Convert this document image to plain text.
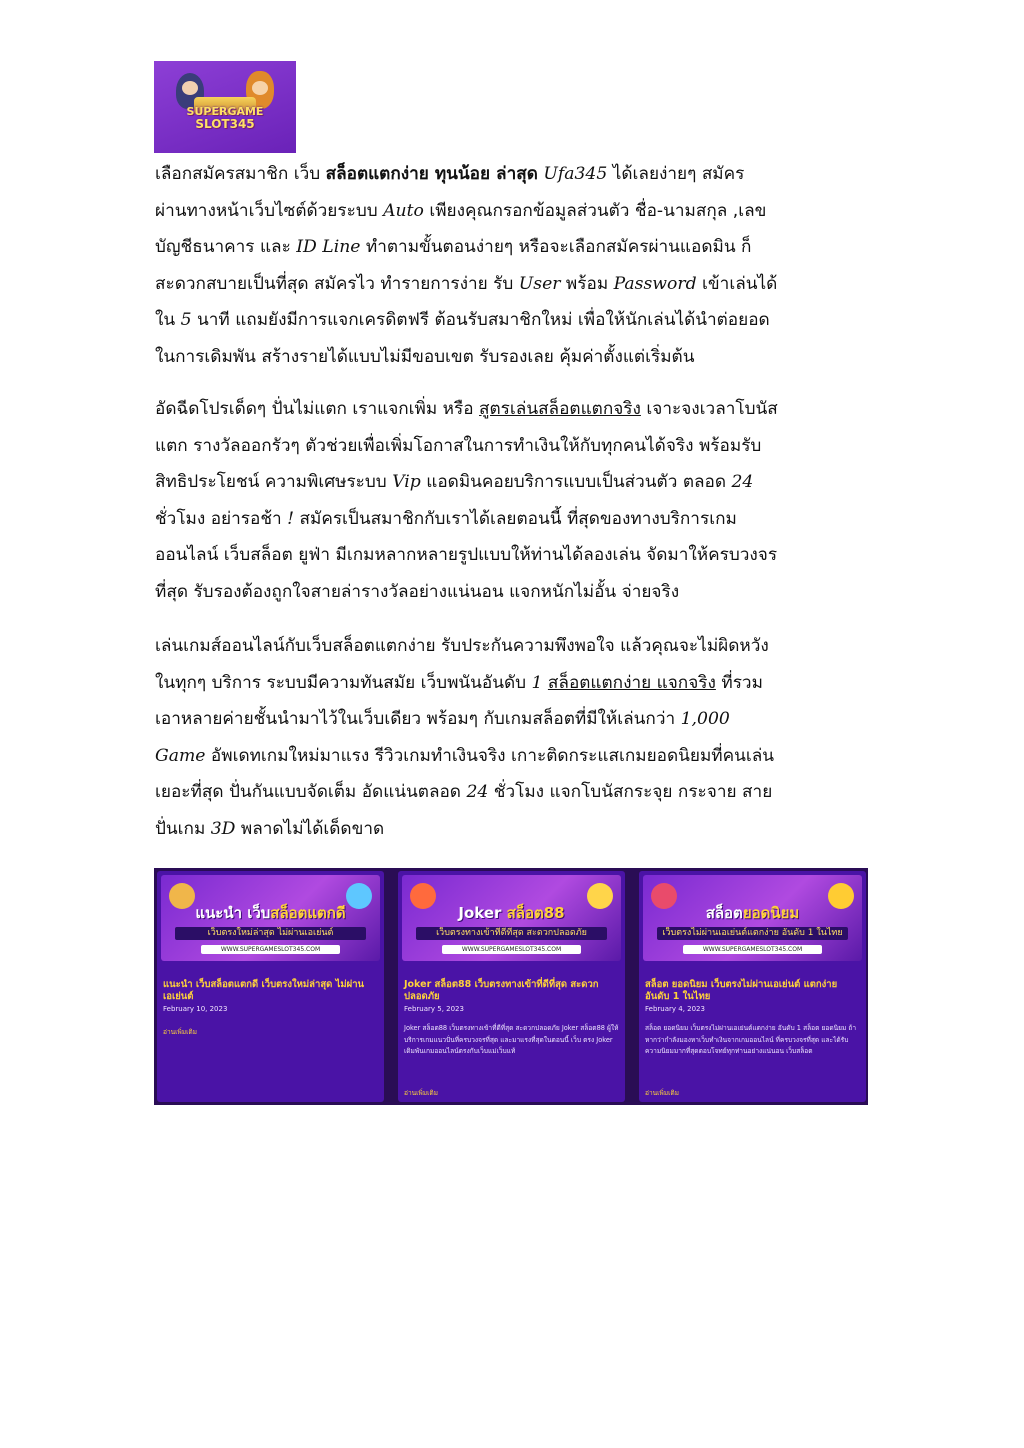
SUPERGAME
SLOT345
เลือกสมัครสมาชิก เว็บ สล็อตแตกง่าย ทุนน้อย ล่าสุด Ufa345 ได้เลยง่ายๆ สมัคร
ผ่านทางหน้าเว็บไซต์ด้วยระบบ Auto เพียงคุณกรอกข้อมูลส่วนตัว ชื่อ-นามสกุล ,เลข
บัญชีธนาคาร และ ID Line ทำตามขั้นตอนง่ายๆ หรือจะเลือกสมัครผ่านแอดมิน ก็
สะดวกสบายเป็นที่สุด สมัครไว ทำรายการง่าย รับ User พร้อม Password เข้าเล่นได้
ใน 5 นาที แถมยังมีการแจกเครดิตฟรี ต้อนรับสมาชิกใหม่ เพื่อให้นักเล่นได้นำต่อยอด
ในการเดิมพัน สร้างรายได้แบบไม่มีขอบเขต รับรองเลย คุ้มค่าตั้งแต่เริ่มต้น
อัดฉีดโปรเด็ดๆ ปั่นไม่แตก เราแจกเพิ่ม หรือ สูตรเล่นสล็อตแตกจริง เจาะจงเวลาโบนัส
แตก รางวัลออกรัวๆ ตัวช่วยเพื่อเพิ่มโอกาสในการทำเงินให้กับทุกคนได้จริง พร้อมรับ
สิทธิประโยชน์ ความพิเศษระบบ Vip แอดมินคอยบริการแบบเป็นส่วนตัว ตลอด 24
ชั่วโมง อย่ารอช้า ! สมัครเป็นสมาชิกกับเราได้เลยตอนนี้ ที่สุดของทางบริการเกม
ออนไลน์ เว็บสล็อต ยูฟ่า มีเกมหลากหลายรูปแบบให้ท่านได้ลองเล่น จัดมาให้ครบวงจร
ที่สุด รับรองต้องถูกใจสายล่ารางวัลอย่างแน่นอน แจกหนักไม่อั้น จ่ายจริง
เล่นเกมส์ออนไลน์กับเว็บสล็อตแตกง่าย รับประกันความพึงพอใจ แล้วคุณจะไม่ผิดหวัง
ในทุกๆ บริการ ระบบมีความทันสมัย เว็บพนันอันดับ 1 สล็อตแตกง่าย แจกจริง ที่รวม
เอาหลายค่ายชั้นนำมาไว้ในเว็บเดียว พร้อมๆ กับเกมสล็อตที่มีให้เล่นกว่า 1,000
Game อัพเดทเกมใหม่มาแรง รีวิวเกมทำเงินจริง เกาะติดกระแสเกมยอดนิยมที่คนเล่น
เยอะที่สุด ปั่นกันแบบจัดเต็ม อัดแน่นตลอด 24 ชั่วโมง แจกโบนัสกระจุย กระจาย สาย
ปั่นเกม 3D พลาดไม่ได้เด็ดขาด
แนะนำ เว็บสล็อตแตกดี
เว็บตรงใหม่ล่าสุด ไม่ผ่านเอเย่นต์
WWW.SUPERGAMESLOT345.COM
แนะนำ เว็บสล็อตแตกดี เว็บตรงใหม่ล่าสุด ไม่ผ่านเอเย่นต์
February 10, 2023
อ่านเพิ่มเติม
Joker สล็อต88
เว็บตรงทางเข้าที่ดีที่สุด สะดวกปลอดภัย
WWW.SUPERGAMESLOT345.COM
Joker สล็อต88 เว็บตรงทางเข้าที่ดีที่สุด สะดวกปลอดภัย
February 5, 2023
Joker สล็อต88 เว็บตรงทางเข้าที่ดีที่สุด สะดวกปลอดภัย Joker สล็อต88 ผู้ให้บริการเกมแนวปั่นที่ครบวงจรที่สุด และมาแรงที่สุดในตอนนี้ เว็บ ตรง Joker เดิมพันเกมออนไลน์ตรงกับเว็บแม่เว็บแท้
อ่านเพิ่มเติม
สล็อตยอดนิยม
เว็บตรงไม่ผ่านเอเย่นต์แตกง่าย อันดับ 1 ในไทย
WWW.SUPERGAMESLOT345.COM
สล็อต ยอดนิยม เว็บตรงไม่ผ่านเอเย่นต์ แตกง่าย อันดับ 1 ในไทย
February 4, 2023
สล็อต ยอดนิยม เว็บตรงไม่ผ่านเอเย่นต์แตกง่าย อันดับ 1 สล็อต ยอดนิยม ถ้าหากว่ากำลังมองหาเว็บทำเงินจากเกมออนไลน์ ที่ครบวงจรที่สุด และได้รับความนิยมมากที่สุดตอบโจทย์ทุกท่านอย่างแน่นอน เว็บสล็อต
อ่านเพิ่มเติม
